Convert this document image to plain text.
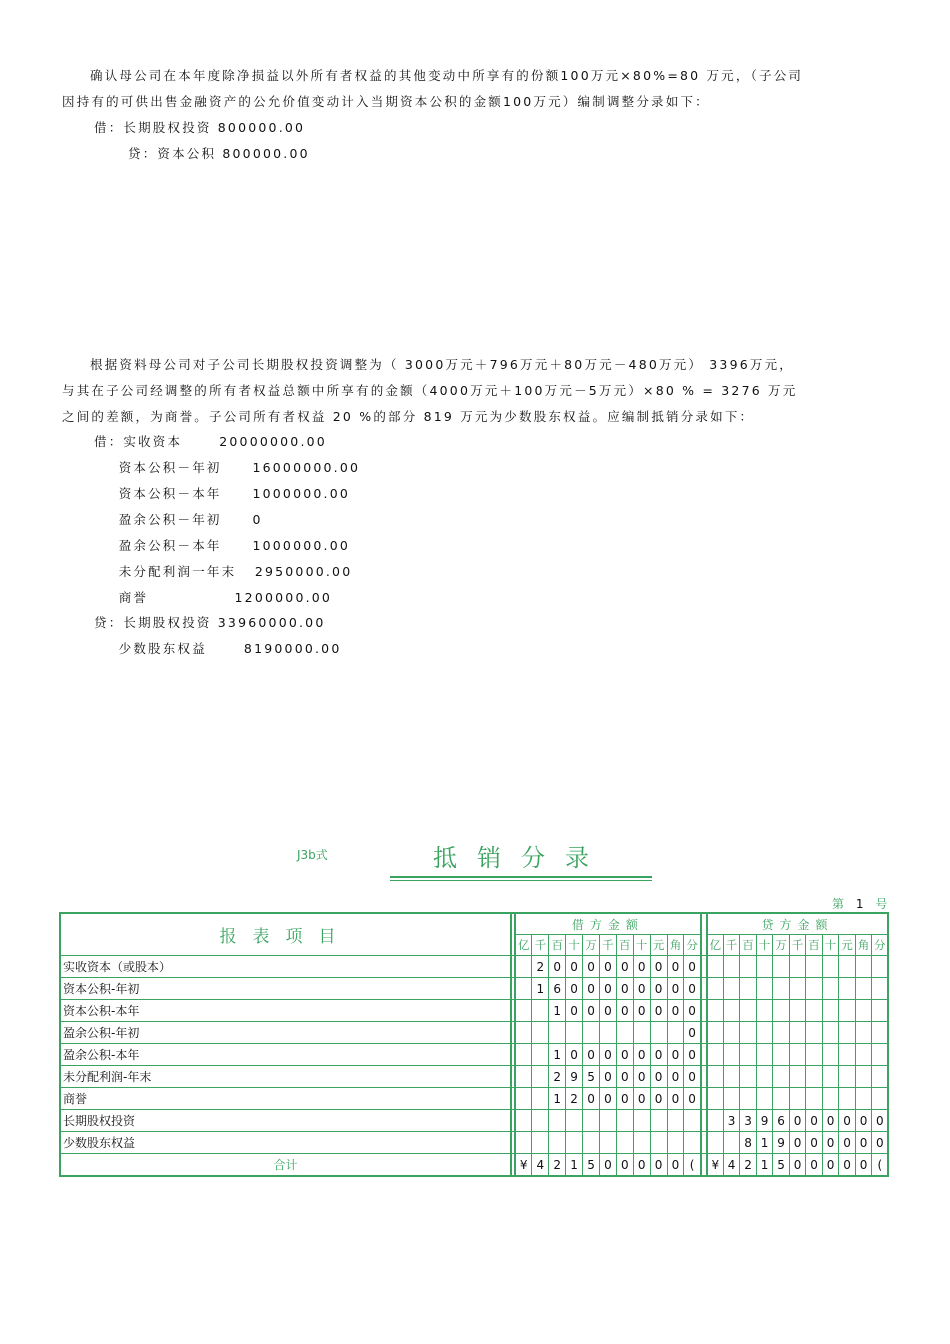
确认母公司在本年度除净损益以外所有者权益的其他变动中所享有的份额100万元×80%=80 万元，（子公司
因持有的可供出售金融资产的公允价值变动计入当期资本公积的金额100万元）编制调整分录如下：
借：长期股权投资 800000.00
贷：资本公积 800000.00
根据资料母公司对子公司长期股权投资调整为（ 3000万元＋796万元＋80万元－480万元） 3396万元，
与其在子公司经调整的所有者权益总额中所享有的金额（4000万元＋100万元－5万元）×80 % = 3276 万元
之间的差额，为商誉。子公司所有者权益 20 %的部分 819 万元为少数股东权益。应编制抵销分录如下：
借：实收资本      20000000.00
资本公积－年初     16000000.00
资本公积－本年     1000000.00
盈余公积－年初     0
盈余公积－本年     1000000.00
未分配利润一年末   2950000.00
商誉              1200000.00
贷：长期股权投资 33960000.00
少数股东权益      8190000.00
J3b式	抵销分录
第 1 号
报表项目		借方金额												贷方金额										
		亿	千	百	十	万	千	百	十	元	角	分		亿	千	百	十	万	千	百	十	元	角	分
实收资本（或股本）			2	0	0	0	0	0	0	0	0	0												
资本公积-年初			1	6	0	0	0	0	0	0	0	0												
资本公积-本年				1	0	0	0	0	0	0	0	0												
盈余公积-年初												0												
盈余公积-本年				1	0	0	0	0	0	0	0	0												
未分配利润-年末				2	9	5	0	0	0	0	0	0												
商誉				1	2	0	0	0	0	0	0	0												
长期股权投资															3	3	9	6	0	0	0	0	0	0
少数股东权益																8	1	9	0	0	0	0	0	0
合计		¥	4	2	1	5	0	0	0	0	0	(		¥	4	2	1	5	0	0	0	0	0	(
